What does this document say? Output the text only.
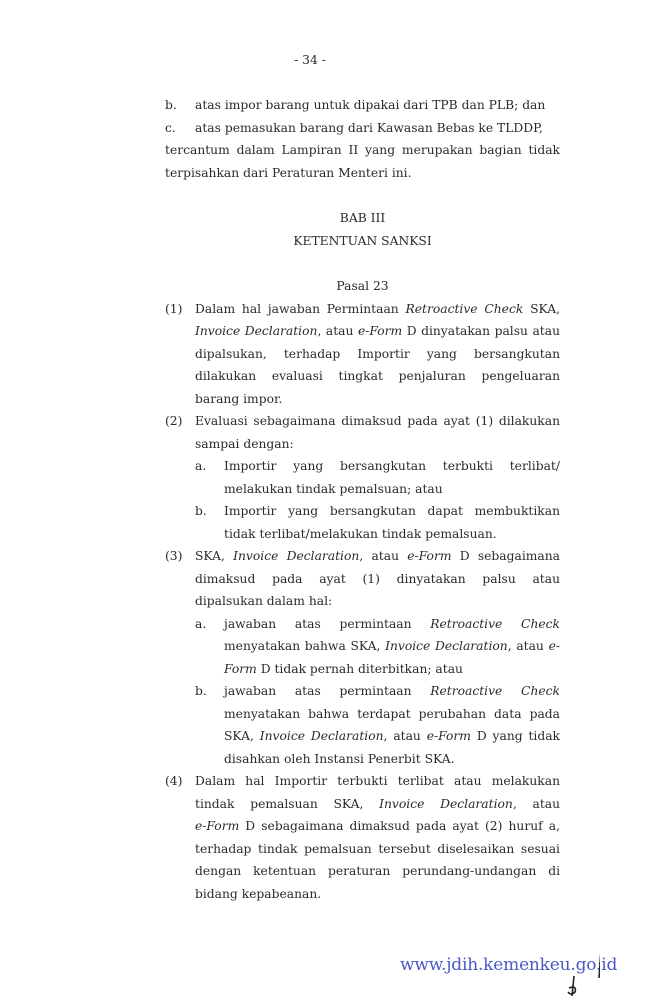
- 34 -
b.	atas impor barang untuk dipakai dari TPB dan PLB; dan
c.	atas pemasukan barang dari Kawasan Bebas ke TLDDP,
tercantum dalam Lampiran II yang merupakan bagian tidak
terpisahkan dari Peraturan Menteri ini.
BAB III
KETENTUAN SANKSI
Pasal 23
(1)	Dalam hal jawaban Permintaan Retroactive Check SKA,
Invoice Declaration, atau e-Form D dinyatakan palsu atau
dipalsukan, terhadap Importir yang bersangkutan
dilakukan evaluasi tingkat penjaluran pengeluaran
barang impor.
(2)	Evaluasi sebagaimana dimaksud pada ayat (1) dilakukan
sampai dengan:
a.	Importir yang bersangkutan terbukti terlibat/
melakukan tindak pemalsuan; atau
b.	Importir yang bersangkutan dapat membuktikan
tidak terlibat/melakukan tindak pemalsuan.
(3)	SKA, Invoice Declaration, atau e-Form D sebagaimana
dimaksud pada ayat (1) dinyatakan palsu atau
dipalsukan dalam hal:
a.	jawaban atas permintaan Retroactive Check
menyatakan bahwa SKA, Invoice Declaration, atau e-
Form D tidak pernah diterbitkan; atau
b.	jawaban atas permintaan Retroactive Check
menyatakan bahwa terdapat perubahan data pada
SKA, Invoice Declaration, atau e-Form D yang tidak
disahkan oleh Instansi Penerbit SKA.
(4)	Dalam hal Importir terbukti terlibat atau melakukan
tindak pemalsuan SKA, Invoice Declaration, atau
e-Form D sebagaimana dimaksud pada ayat (2) huruf a,
terhadap tindak pemalsuan tersebut diselesaikan sesuai
dengan ketentuan peraturan perundang-undangan di
bidang kepabeanan.
www.jdih.kemenkeu.go.id
